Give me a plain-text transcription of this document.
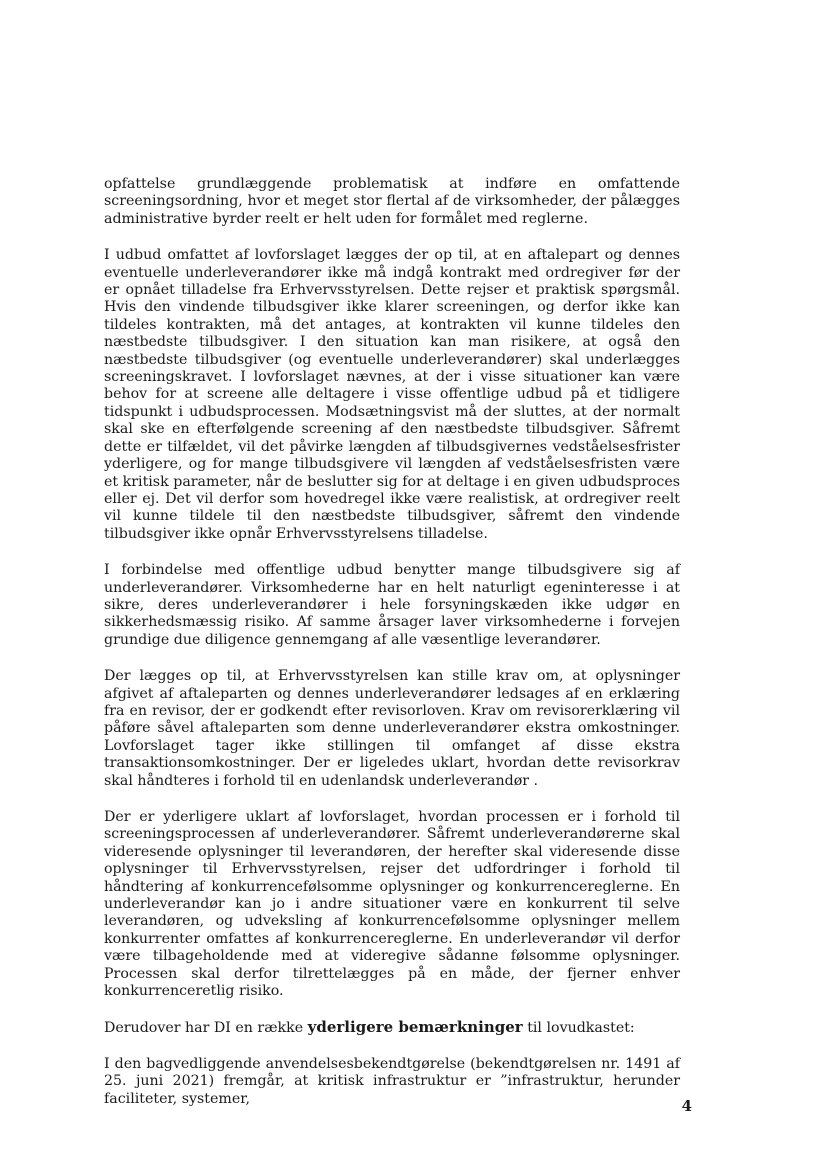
opfattelse grundlæggende problematisk at indføre en omfattende screeningsordning, hvor et meget stor flertal af de virksomheder, der pålægges administrative byrder reelt er helt uden for formålet med reglerne.

I udbud omfattet af lovforslaget lægges der op til, at en aftalepart og dennes eventuelle underleverandører ikke må indgå kontrakt med ordregiver før der er opnået tilladelse fra Erhvervsstyrelsen. Dette rejser et praktisk spørgsmål. Hvis den vindende tilbudsgiver ikke klarer screeningen, og derfor ikke kan tildeles kontrakten, må det antages, at kontrakten vil kunne tildeles den næstbedste tilbudsgiver. I den situation kan man risikere, at også den næstbedste tilbudsgiver (og eventuelle underleverandører) skal underlægges screeningskravet. I lovforslaget nævnes, at der i visse situationer kan være behov for at screene alle deltagere i visse offentlige udbud på et tidligere tidspunkt i udbudsprocessen. Modsætningsvist må der sluttes, at der normalt skal ske en efterfølgende screening af den næstbedste tilbudsgiver. Såfremt dette er tilfældet, vil det påvirke længden af tilbudsgivernes vedståelsesfrister yderligere, og for mange tilbudsgivere vil længden af vedståelsesfristen være et kritisk parameter, når de beslutter sig for at deltage i en given udbudsproces eller ej. Det vil derfor som hovedregel ikke være realistisk, at ordregiver reelt vil kunne tildele til den næstbedste tilbudsgiver, såfremt den vindende tilbudsgiver ikke opnår Erhvervsstyrelsens tilladelse.

I forbindelse med offentlige udbud benytter mange tilbudsgivere sig af underleverandører. Virksomhederne har en helt naturligt egeninteresse i at sikre, deres underleverandører i hele forsyningskæden ikke udgør en sikkerhedsmæssig risiko. Af samme årsager laver virksomhederne i forvejen grundige due diligence gennemgang af alle væsentlige leverandører.

Der lægges op til, at Erhvervsstyrelsen kan stille krav om, at oplysninger afgivet af aftaleparten og dennes underleverandører ledsages af en erklæring fra en revisor, der er godkendt efter revisorloven. Krav om revisorerklæring vil påføre såvel aftaleparten som denne underleverandører ekstra omkostninger. Lovforslaget tager ikke stillingen til omfanget af disse ekstra transaktionsomkostninger. Der er ligeledes uklart, hvordan dette revisorkrav skal håndteres i forhold til en udenlandsk underleverandør .

Der er yderligere uklart af lovforslaget, hvordan processen er i forhold til screeningsprocessen af underleverandører. Såfremt underleverandørerne skal videresende oplysninger til leverandøren, der herefter skal videresende disse oplysninger til Erhvervsstyrelsen, rejser det udfordringer i forhold til håndtering af konkurrencefølsomme oplysninger og konkurrencereglerne. En underleverandør kan jo i andre situationer være en konkurrent til selve leverandøren, og udveksling af konkurrencefølsomme oplysninger mellem konkurrenter omfattes af konkurrencereglerne. En underleverandør vil derfor være tilbageholdende med at videregive sådanne følsomme oplysninger. Processen skal derfor tilrettelægges på en måde, der fjerner enhver konkurrenceretlig risiko.

Derudover har DI en række yderligere bemærkninger til lovudkastet:

I den bagvedliggende anvendelsesbekendtgørelse (bekendtgørelsen nr. 1491 af 25. juni 2021) fremgår, at kritisk infrastruktur er ”infrastruktur, herunder faciliteter, systemer,	4
